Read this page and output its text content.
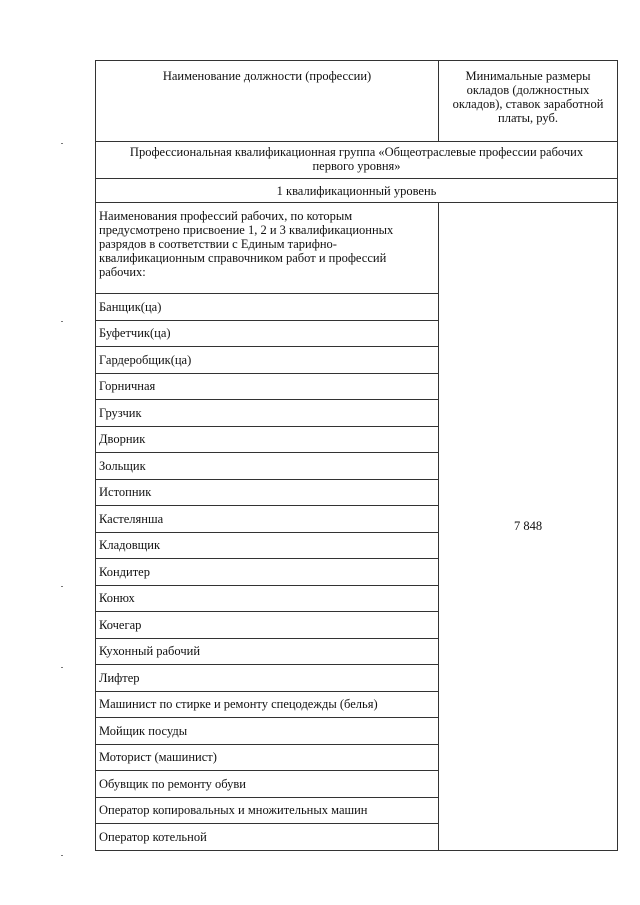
Наименование должности (профессии)	Минимальные размеры окладов (должностных окладов), ставок заработной платы, руб.
Профессиональная квалификационная группа «Общеотраслевые профессии рабочих первого уровня»	
1 квалификационный уровень	
Наименования профессий рабочих, по которым предусмотрено присвоение 1, 2 и 3 квалификационных разрядов в соответствии с Единым тарифно-квалификационным справочником работ и профессий рабочих:	7 848
Банщик(ца)	
Буфетчик(ца)	
Гардеробщик(ца)	
Горничная	
Грузчик	
Дворник	
Зольщик	
Истопник	
Кастелянша	
Кладовщик	
Кондитер	
Конюх	
Кочегар	
Кухонный рабочий	
Лифтер	
Машинист по стирке и ремонту спецодежды (белья)	
Мойщик посуды	
Моторист (машинист)	
Обувщик по ремонту обуви	
Оператор копировальных и множительных машин	
Оператор котельной	
